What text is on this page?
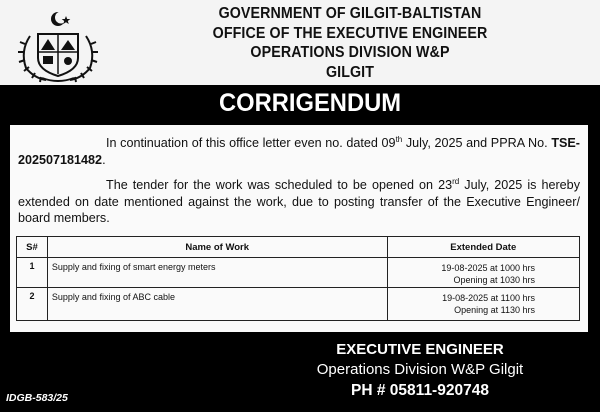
GOVERNMENT OF GILGIT-BALTISTAN
OFFICE OF THE EXECUTIVE ENGINEER
OPERATIONS DIVISION W&P
GILGIT
CORRIGENDUM

In continuation of this office letter even no. dated 09th July, 2025 and PPRA No. TSE- 202507181482.

The tender for the work was scheduled to be opened on 23rd July, 2025 is hereby extended on date mentioned against the work, due to posting transfer of the Executive Engineer/ board members.

S#	Name of Work	Extended Date

1	Supply and fixing of smart energy meters	19-08-2025 at 1000 hrs
Opening at 1030 hrs

2	Supply and fixing of ABC cable	19-08-2025 at 1100 hrs
Opening at 1130 hrs
EXECUTIVE ENGINEER
Operations Division W&P Gilgit
PH # 05811-920748
IDGB-583/25
